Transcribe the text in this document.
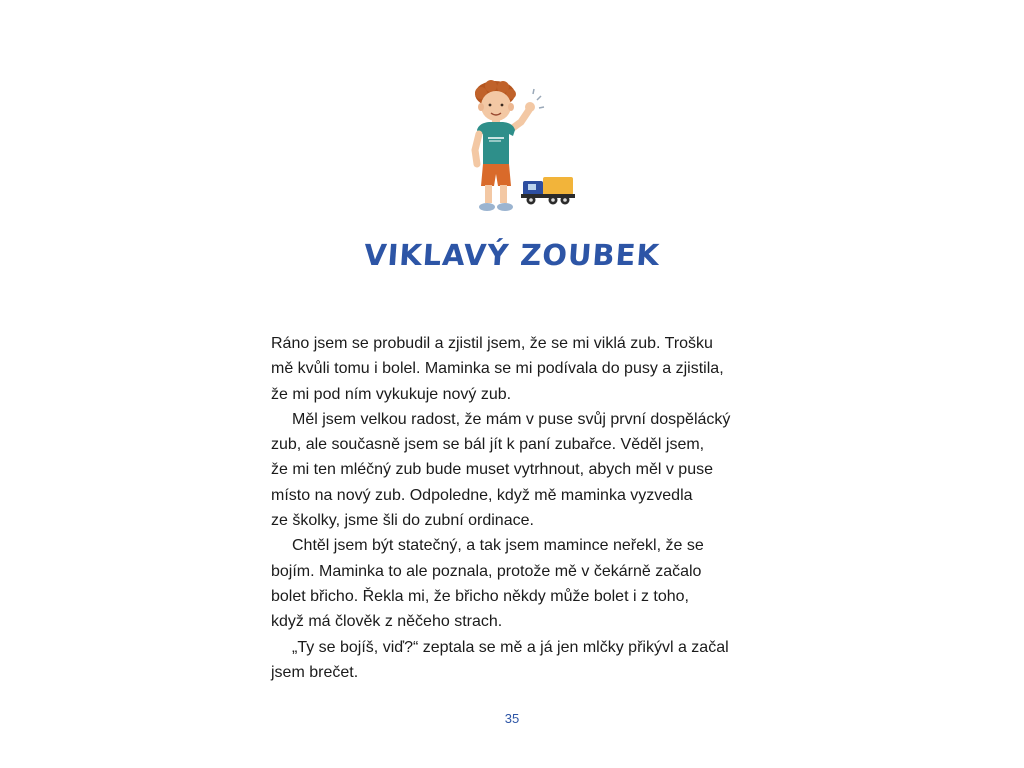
VIKLAVÝ ZOUBEK

Ráno jsem se probudil a zjistil jsem, že se mi viklá zub. Trošku
mě kvůli tomu i bolel. Maminka se mi podívala do pusy a zjistila,
že mi pod ním vykukuje nový zub.

Měl jsem velkou radost, že mám v puse svůj první dospělácký
zub, ale současně jsem se bál jít k paní zubařce. Věděl jsem,
že mi ten mléčný zub bude muset vytrhnout, abych měl v puse
místo na nový zub. Odpoledne, když mě maminka vyzvedla
ze školky, jsme šli do zubní ordinace.

Chtěl jsem být statečný, a tak jsem mamince neřekl, že se
bojím. Maminka to ale poznala, protože mě v čekárně začalo
bolet břicho. Řekla mi, že břicho někdy může bolet i z toho,
když má člověk z něčeho strach.

„Ty se bojíš, viď?“ zeptala se mě a já jen mlčky přikývl a začal
jsem brečet.

35
